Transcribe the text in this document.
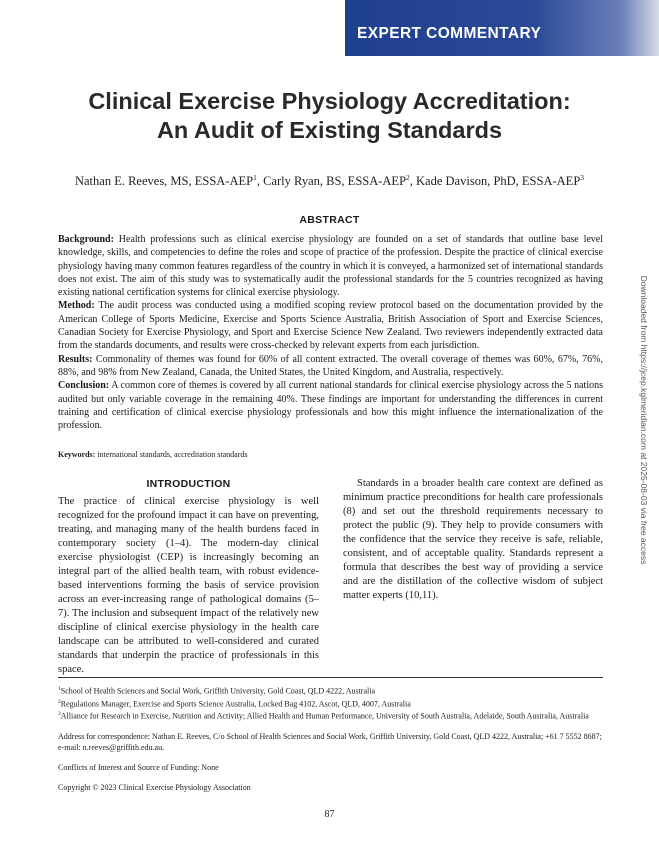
EXPERT COMMENTARY
Clinical Exercise Physiology Accreditation:
An Audit of Existing Standards
Nathan E. Reeves, MS, ESSA-AEP$^1$, Carly Ryan, BS, ESSA-AEP$^2$, Kade Davison, PhD, ESSA-AEP$^3$
ABSTRACT

Background: Health professions such as clinical exercise physiology are founded on a set of standards that outline base level knowledge, skills, and competencies to define the roles and scope of practice of the profession. Despite the practice of clinical exercise physiology having many common features regardless of the country in which it is conveyed, a harmonized set of international standards does not exist. The aim of this study was to systematically audit the professional standards for the 5 countries recognized as having existing national certification systems for clinical exercise physiology.

Method: The audit process was conducted using a modified scoping review protocol based on the documentation provided by the American College of Sports Medicine, Exercise and Sports Science Australia, British Association of Sport and Exercise Sciences, Canadian Society for Exercise Physiology, and Sport and Exercise Science New Zealand. Two reviewers independently extracted data from the standards documents, and results were cross-checked by relevant experts from each jurisdiction.

Results: Commonality of themes was found for 60% of all content extracted. The overall coverage of themes was 60%, 67%, 76%, 88%, and 98% from New Zealand, Canada, the United States, the United Kingdom, and Australia, respectively.

Conclusion: A common core of themes is covered by all current national standards for clinical exercise physiology across the 5 nations audited but only variable coverage in the remaining 40%. These findings are important for understanding the differences in current training and certification of clinical exercise physiology professionals and how this might influence the internationalization of the profession.

Keywords: international standards, accreditation standards
INTRODUCTION

The practice of clinical exercise physiology is well recognized for the profound impact it can have on preventing, treating, and managing many of the health burdens faced in contemporary society (1–4). The modern-day clinical exercise physiologist (CEP) is increasingly becoming an integral part of the allied health team, with robust evidence-based interventions forming the basis of service provision across an ever-increasing range of pathological domains (5–7). The inclusion and subsequent impact of the relatively new discipline of clinical exercise physiology in the health care landscape can be attributed to well-considered and curated standards that underpin the practice of professionals in this space.

Standards in a broader health care context are defined as minimum practice preconditions for health care professionals (8) and set out the threshold requirements necessary to protect the public (9). They help to provide consumers with the confidence that the service they receive is safe, reliable, consistent, and of acceptable quality. Standards represent a formula that describes the best way of providing a service and are the distillation of the collective wisdom of subject matter experts (10,11).

$^1$School of Health Sciences and Social Work, Griffith University, Gold Coast, QLD 4222, Australia

$^2$Regulations Manager, Exercise and Sports Science Australia, Locked Bag 4102, Ascot, QLD, 4007, Australia

$^3$Alliance for Research in Exercise, Nutrition and Activity; Allied Health and Human Performance, University of South Australia, Adelaide, South Australia, Australia

Address for correspondence: Nathan E. Reeves, C/o School of Health Sciences and Social Work, Griffith University, Gold Coast, QLD 4222, Australia; +61 7 5552 8687; e-mail: n.reeves@griffith.edu.au.

Conflicts of Interest and Source of Funding: None

Copyright © 2023 Clinical Exercise Physiology Association

87
Downloaded from https://jcep.kglmeridian.com at 2025-08-03 via free access
